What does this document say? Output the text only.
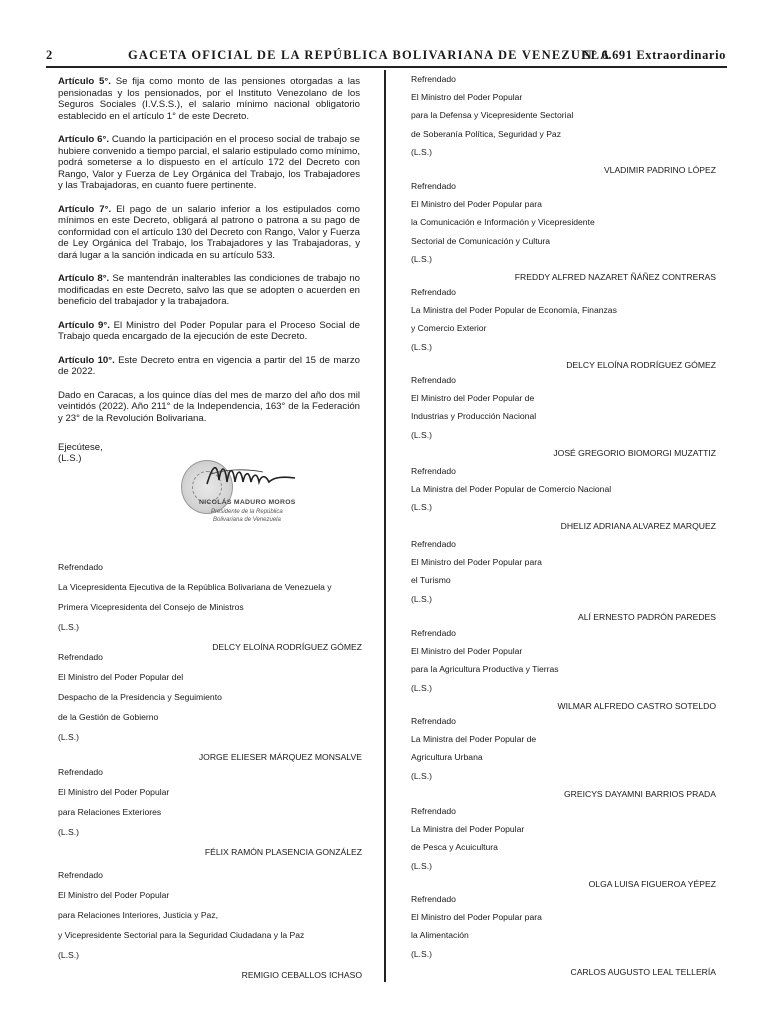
2	GACETA OFICIAL DE LA REPÚBLICA BOLIVARIANA DE VENEZUELA
N° 6.691 Extraordinario

Artículo 5°. Se fija como monto de las pensiones otorgadas a las pensionadas y los pensionados, por el Instituto Venezolano de los Seguros Sociales (I.V.S.S.), el salario mínimo nacional obligatorio establecido en el artículo 1° de este Decreto.

Artículo 6°. Cuando la participación en el proceso social de trabajo se hubiere convenido a tiempo parcial, el salario estipulado como mínimo, podrá someterse a lo dispuesto en el artículo 172 del Decreto con Rango, Valor y Fuerza de Ley Orgánica del Trabajo, los Trabajadores y las Trabajadoras, en cuanto fuere pertinente.

Artículo 7°. El pago de un salario inferior a los estipulados como mínimos en este Decreto, obligará al patrono o patrona a su pago de conformidad con el artículo 130 del Decreto con Rango, Valor y Fuerza de Ley Orgánica del Trabajo, los Trabajadores y las Trabajadoras, y dará lugar a la sanción indicada en su artículo 533.

Artículo 8°. Se mantendrán inalterables las condiciones de trabajo no modificadas en este Decreto, salvo las que se adopten o acuerden en beneficio del trabajador y la trabajadora.

Artículo 9°. El Ministro del Poder Popular para el Proceso Social de Trabajo queda encargado de la ejecución de este Decreto.

Artículo 10°. Este Decreto entra en vigencia a partir del 15 de marzo de 2022.

Dado en Caracas, a los quince días del mes de marzo del año dos mil veintidós (2022). Año 211° de la Independencia, 163° de la Federación y 23° de la Revolución Bolivariana.

Ejecútese,
(L.S.)
NICOLÁS MADURO MOROS
Presidente de la República
Bolivariana de Venezuela
Refrendado
La Vicepresidenta Ejecutiva de la República Bolivariana de Venezuela y
Primera Vicepresidenta del Consejo de Ministros
(L.S.)
DELCY ELOÍNA RODRÍGUEZ GÓMEZ
Refrendado
El Ministro del Poder Popular del
Despacho de la Presidencia y Seguimiento
de la Gestión de Gobierno
(L.S.)
JORGE ELIESER MÁRQUEZ MONSALVE
Refrendado
El Ministro del Poder Popular
para Relaciones Exteriores
(L.S.)
FÉLIX RAMÓN PLASENCIA GONZÁLEZ
Refrendado
El Ministro del Poder Popular
para Relaciones Interiores, Justicia y Paz,
y Vicepresidente Sectorial para la Seguridad Ciudadana y la Paz
(L.S.)
REMIGIO CEBALLOS ICHASO
Refrendado
El Ministro del Poder Popular
para la Defensa y Vicepresidente Sectorial
de Soberanía Política, Seguridad y Paz
(L.S.)
VLADIMIR PADRINO LÓPEZ
Refrendado
El Ministro del Poder Popular para
la Comunicación e Información y Vicepresidente
Sectorial de Comunicación y Cultura
(L.S.)
FREDDY ALFRED NAZARET ÑÁÑEZ CONTRERAS
Refrendado
La Ministra del Poder Popular de Economía, Finanzas
y Comercio Exterior
(L.S.)
DELCY ELOÍNA RODRÍGUEZ GÓMEZ
Refrendado
El Ministro del Poder Popular de
Industrias y Producción Nacional
(L.S.)
JOSÉ GREGORIO BIOMORGI MUZATTIZ
Refrendado
La Ministra del Poder Popular de Comercio Nacional
(L.S.)
DHELIZ ADRIANA ALVAREZ MARQUEZ
Refrendado
El Ministro del Poder Popular para
el Turismo
(L.S.)
ALÍ ERNESTO PADRÓN PAREDES
Refrendado
El Ministro del Poder Popular
para la Agricultura Productiva y Tierras
(L.S.)
WILMAR ALFREDO CASTRO SOTELDO
Refrendado
La Ministra del Poder Popular de
Agricultura Urbana
(L.S.)
GREICYS DAYAMNI BARRIOS PRADA
Refrendado
La Ministra del Poder Popular
de Pesca y Acuicultura
(L.S.)
OLGA LUISA FIGUEROA YÉPEZ
Refrendado
El Ministro del Poder Popular para
la Alimentación
(L.S.)
CARLOS AUGUSTO LEAL TELLERÍA
